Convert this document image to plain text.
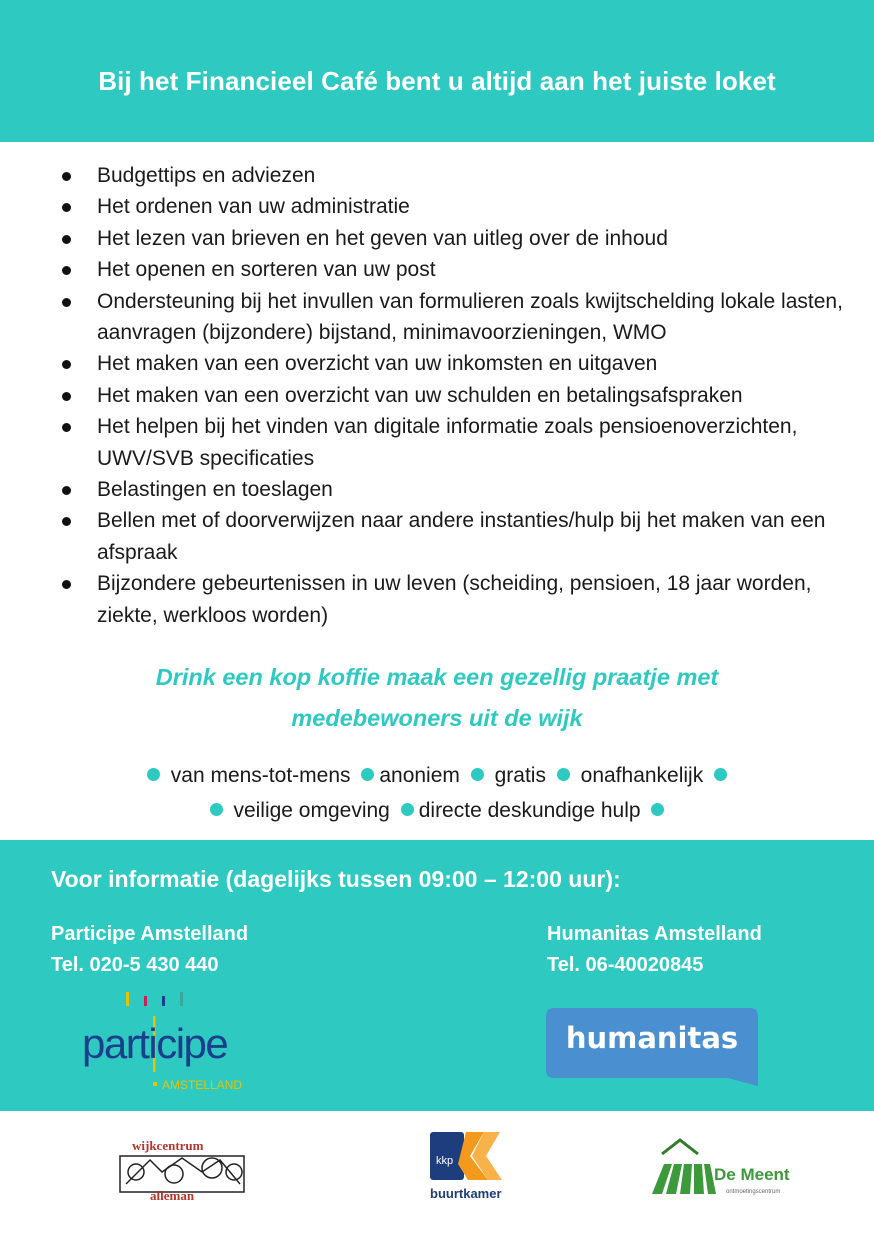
Bij het Financieel Café bent u altijd aan het juiste loket
Budgettips en adviezen
Het ordenen van uw administratie
Het lezen van brieven en het geven van uitleg over de inhoud
Het openen en sorteren van uw post
Ondersteuning bij het invullen van formulieren zoals kwijtschelding lokale lasten, aanvragen (bijzondere) bijstand, minimavoorzieningen, WMO
Het maken van een overzicht van uw inkomsten en uitgaven
Het maken van een overzicht van uw schulden en betalingsafspraken
Het helpen bij het vinden van digitale informatie zoals pensioenoverzichten, UWV/SVB specificaties
Belastingen en toeslagen
Bellen met of doorverwijzen naar andere instanties/hulp bij het maken van een afspraak
Bijzondere gebeurtenissen in uw leven (scheiding, pensioen, 18 jaar worden, ziekte, werkloos worden)
Drink een kop koffie maak een gezellig praatje met
medebewoners uit de wijk
van mens-tot-mens anoniem gratis onafhankelijk
veilige omgeving directe deskundige hulp
Voor informatie (dagelijks tussen 09:00 – 12:00 uur):
Participe Amstelland
Tel. 020-5 430 440
Humanitas Amstelland
Tel. 06-40020845
participe
AMSTELLAND
humanitas
wijkcentrum
alleman
kkp
buurtkamer
De Meent
ontmoetingscentrum
